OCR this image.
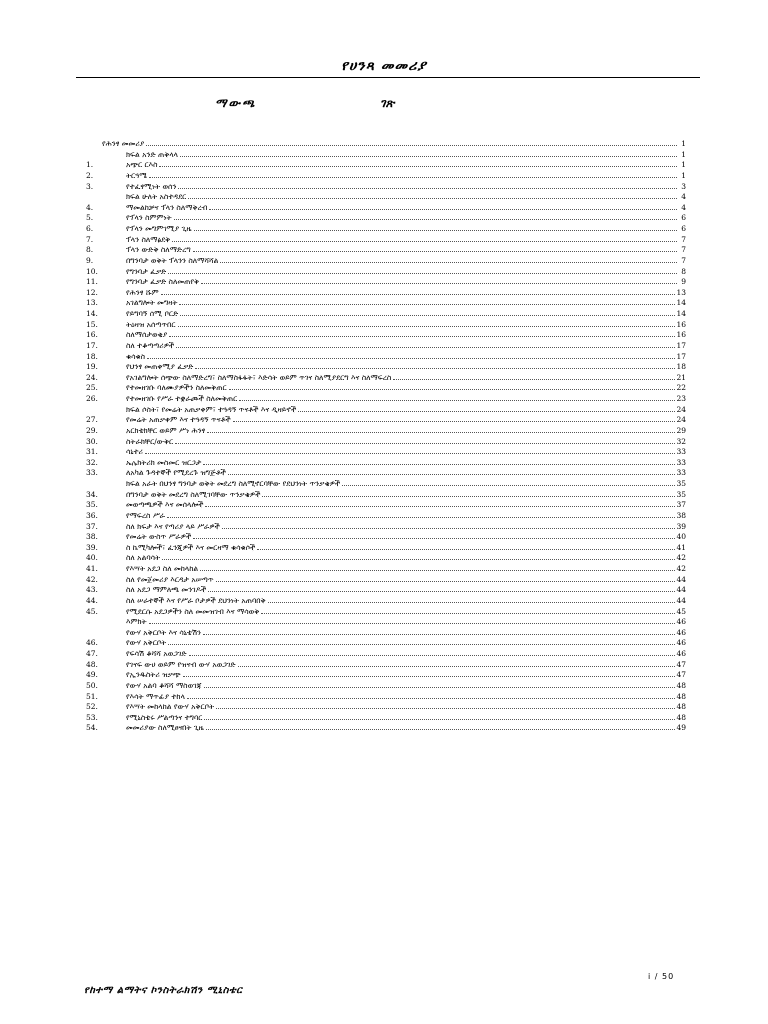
የሀንጻ መመሪያ
ማውጫ	ገጽ
የሕንፃ መመሪያ	1
ክፍል አንድ ጠቅላላ	1
1.	አጭር ርእስ	1
2.	ትርጓሜ	1
3.	የተፈፃሚነት ወሰን	3
ክፍል ሁለት አስተዳደር	4
4.	ማመልከቻና ፕላን ስለማቅረብ	4
5.	የፕላን ስምምነት	6
6.	የፕላን መግምገሚያ ጊዜ	6
7.	ፕላን ስለማፅደቅ	7
8.	ፕላን ውድቅ ስለማድረግ	7
9.	በግንባታ ወቅት ፕላንን ስለማሻሻል	7
10.	የግንባታ ፈቃድ	8
11.	የግንባታ ፈቃድ ስለመጠየቅ	9
12.	የሕንፃ ሹም	13
13.	አገልግሎት መግዛት	14
14.	የይግባኝ ሰሚ ቦርድ	14
15.	ትዕዛዝ አሰጣጥበር	16
16.	ስለማሰታወቂያ	16
17.	ስለ ተቆጣጣሪዎች	17
18.	ቁሳቁስ	17
19.	የህንፃ መጠቀሚያ ፈቃድ	18
24.	የአገልግሎት ሰጭው ስለማድረግ፣ ስለማስፋፋት፣ እድሳት ወይም ጥገና ስለሚያደርግ እና ስለማፍረስ	21
25.	የተመዘገቡ ባለሙያዎችን ስለመቅጠር	22
26.	የተመዘገቡ የሥራ ተቋራጮች ስለመቅጠር	23
ክፍል ሶስት፣ የመሬት አጠቃቀም፣ ተጓዳኝ ጥናቶች እና ዲዛይኖች	24
27.	የመሬት አጠቃቀም እና ተጓዳኝ ጥናቶች	24
29.	አርክቴክቸር ወይም ሥነ ሕንፃ	29
30.	ስትራክቸር/ውቅር	32
31.	ሳኒተሪ	33
32.	ኤሌክትሪክ መስመር ዝርጋታ	33
33.	ለአካል ጉዳተኞች የሚደረጉ ዝግጅቶች	33
ክፍል አራት በህንፃ ግንባታ ወቅት መደረግ ስለሚኖርባቸው የደህንነት ጥንቃቄዎች	35
34.	በግንባታ ወቅት መደረግ ስለሚገባቸው ጥንቃቄዎች	35
35.	መወጣጫዎች እና መሰላሎች	37
36.	የማፍረስ ሥራ	38
37.	ስለ ክፍታ እና የጣሪያ ላይ ሥራዎች	39
38.	የመሬት ውስጥ ሥራዎች	40
39.	ስ ኬሚካሎች፣ ፈንጂዎች እና መርዛማ ቁሳቁሶች	41
40.	ስለ አልባሳት	42
41.	የእሣት አደጋ ስለ መከላከል	42
42.	ስለ የመጀመሪያ እርዳታ አሠጣጥ	44
43.	ስለ አደጋ ማምለጫ መንገዶች	44
44.	ስለ ሠራተኞች እና የሥራ ቦታዎች ደህንነት አጠባበቅ	44
45.	የሚደርሱ አደጋዎችን ስለ መመዝገብ እና ማሳወቅ	45
እምክት	46
የውሃ አቅርቦት እና ሳኒቴሽን	46
46.	የውሃ አቅርቦት	46
47.	የፍሳሽ ቆሻሻ አወጋገድ	46
48.	የገናፍ ውሀ ወይም የዝናብ ውሃ አወጋገድ	47
49.	የኢንዱስትሪ ዝቃጭ	47
50.	የውሃ አልባ ቆሻሻ ማስወገጃ	48
51.	የእሳት ማጥፊያ ተከላ	48
52.	የእሣት መከላከል የውሃ አቅርቦት	48
53.	የሚኒስቴሩ ሥልጣንና ተግባር	48
54.	መመሪያው ስለሚፀናበት ጊዜ	49
i / 50
የከተማ ልማትና ኮንስትራክሽን ሚኒስቴር
